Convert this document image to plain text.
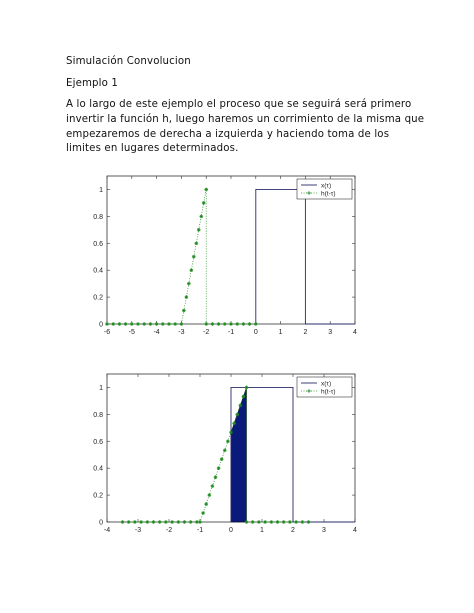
Simulación Convolucion
Ejemplo 1
A lo largo de este ejemplo el proceso que se seguirá será primero invertir la función h, luego haremos un corrimiento de la misma que empezaremos de derecha a izquierda y haciendo toma de los limites en lugares determinados.
-6	-5	-4	-3	-2	-1	0	1	2	3	4
0
0.2
0.4
0.6
0.8
1
x(τ)
h(t-τ)
-4	-3	-2	-1	0	1	2	3	4
0
0.2
0.4
0.6
0.8
1
x(τ)
h(t-τ)
